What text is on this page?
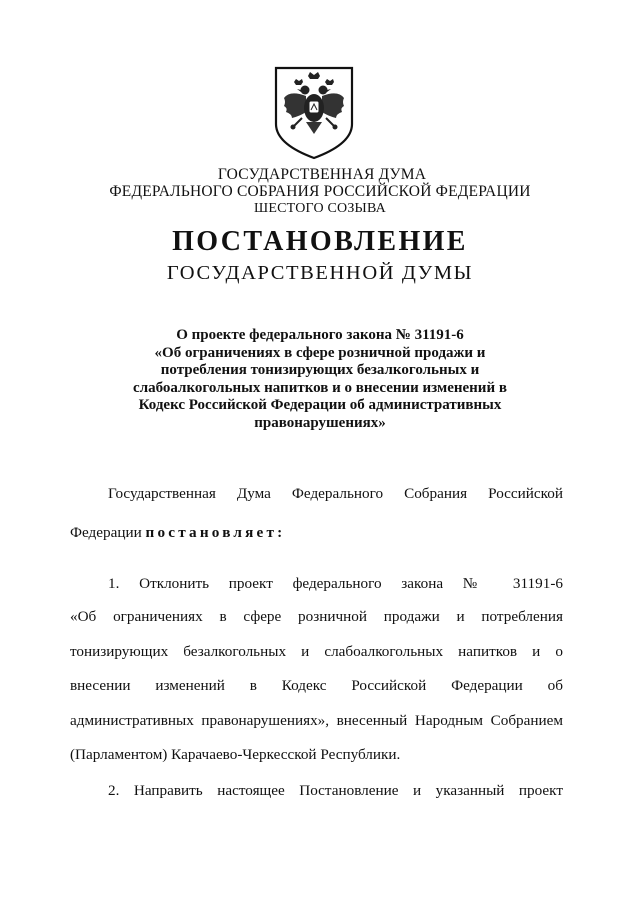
ГОСУДАРСТВЕННАЯ ДУМА
ФЕДЕРАЛЬНОГО СОБРАНИЯ РОССИЙСКОЙ ФЕДЕРАЦИИ
ШЕСТОГО СОЗЫВА
ПОСТАНОВЛЕНИЕ
ГОСУДАРСТВЕННОЙ ДУМЫ
О проекте федерального закона № 31191-6
«Об ограничениях в сфере розничной продажи и
потребления тонизирующих безалкогольных и
слабоалкогольных напитков и о внесении изменений в
Кодекс Российской Федерации об административных
правонарушениях»
Государственная Дума Федерального Собрания Российской
Федерации постановляет:
1. Отклонить проект федерального закона № 31191-6
«Об ограничениях в сфере розничной продажи и потребления
тонизирующих безалкогольных и слабоалкогольных напитков и о
внесении изменений в Кодекс Российской Федерации об
административных правонарушениях», внесенный Народным Собранием
(Парламентом) Карачаево-Черкесской Республики.
2. Направить настоящее Постановление и указанный проект
